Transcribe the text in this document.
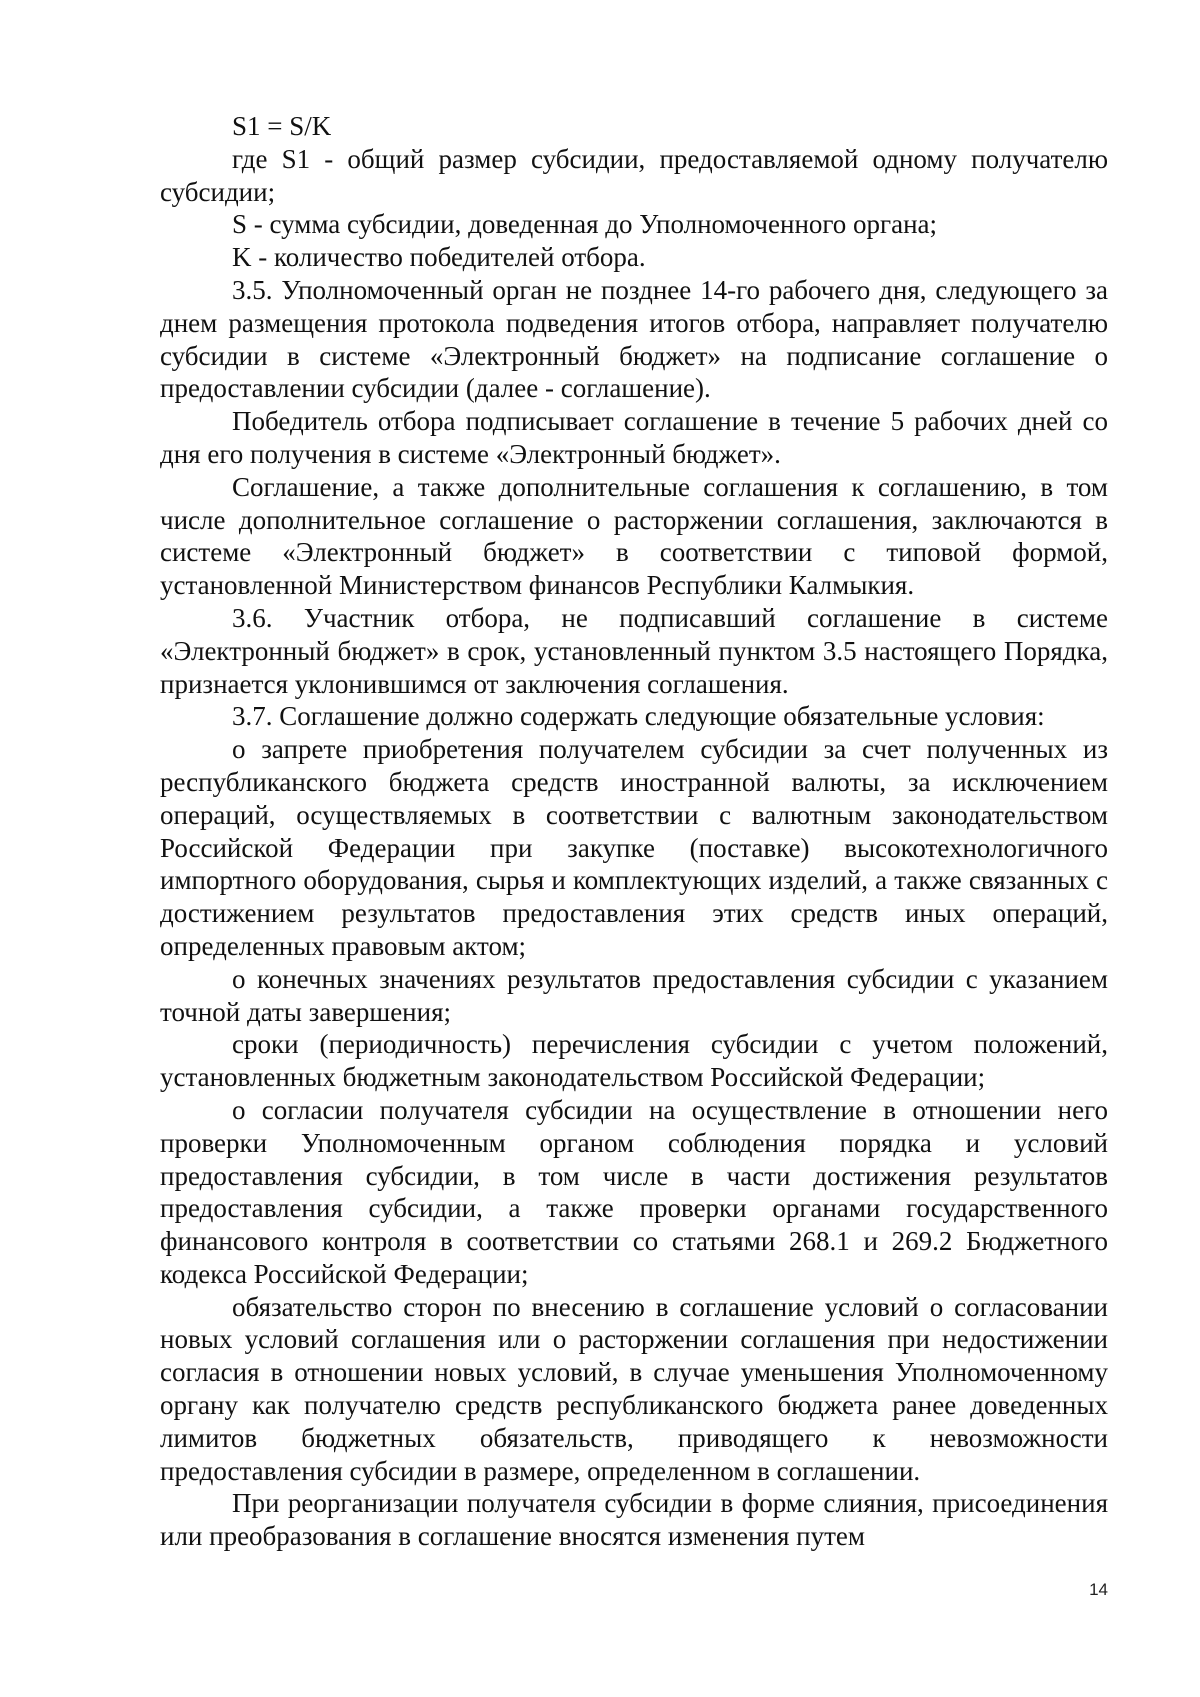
S1 = S/K

где S1 - общий размер субсидии, предоставляемой одному получателю субсидии;

S - сумма субсидии, доведенная до Уполномоченного органа;

K - количество победителей отбора.

3.5. Уполномоченный орган не позднее 14-го рабочего дня, следующего за днем размещения протокола подведения итогов отбора, направляет получателю субсидии в системе «Электронный бюджет» на подписание соглашение о предоставлении субсидии (далее - соглашение).

Победитель отбора подписывает соглашение в течение 5 рабочих дней со дня его получения в системе «Электронный бюджет».

Соглашение, а также дополнительные соглашения к соглашению, в том числе дополнительное соглашение о расторжении соглашения, заключаются в системе «Электронный бюджет» в соответствии с типовой формой, установленной Министерством финансов Республики Калмыкия.

3.6. Участник отбора, не подписавший соглашение в системе «Электронный бюджет» в срок, установленный пунктом 3.5 настоящего Порядка, признается уклонившимся от заключения соглашения.

3.7. Соглашение должно содержать следующие обязательные условия:

о запрете приобретения получателем субсидии за счет полученных из республиканского бюджета средств иностранной валюты, за исключением операций, осуществляемых в соответствии с валютным законодательством Российской Федерации при закупке (поставке) высокотехнологичного импортного оборудования, сырья и комплектующих изделий, а также связанных с достижением результатов предоставления этих средств иных операций, определенных правовым актом;

о конечных значениях результатов предоставления субсидии с указанием точной даты завершения;

сроки (периодичность) перечисления субсидии с учетом положений, установленных бюджетным законодательством Российской Федерации;

о согласии получателя субсидии на осуществление в отношении него проверки Уполномоченным органом соблюдения порядка и условий предоставления субсидии, в том числе в части достижения результатов предоставления субсидии, а также проверки органами государственного финансового контроля в соответствии со статьями 268.1 и 269.2 Бюджетного кодекса Российской Федерации;

обязательство сторон по внесению в соглашение условий о согласовании новых условий соглашения или о расторжении соглашения при недостижении согласия в отношении новых условий, в случае уменьшения Уполномоченному органу как получателю средств республиканского бюджета ранее доведенных лимитов бюджетных обязательств, приводящего к невозможности предоставления субсидии в размере, определенном в соглашении.

При реорганизации получателя субсидии в форме слияния, присоединения или преобразования в соглашение вносятся изменения путем

14
